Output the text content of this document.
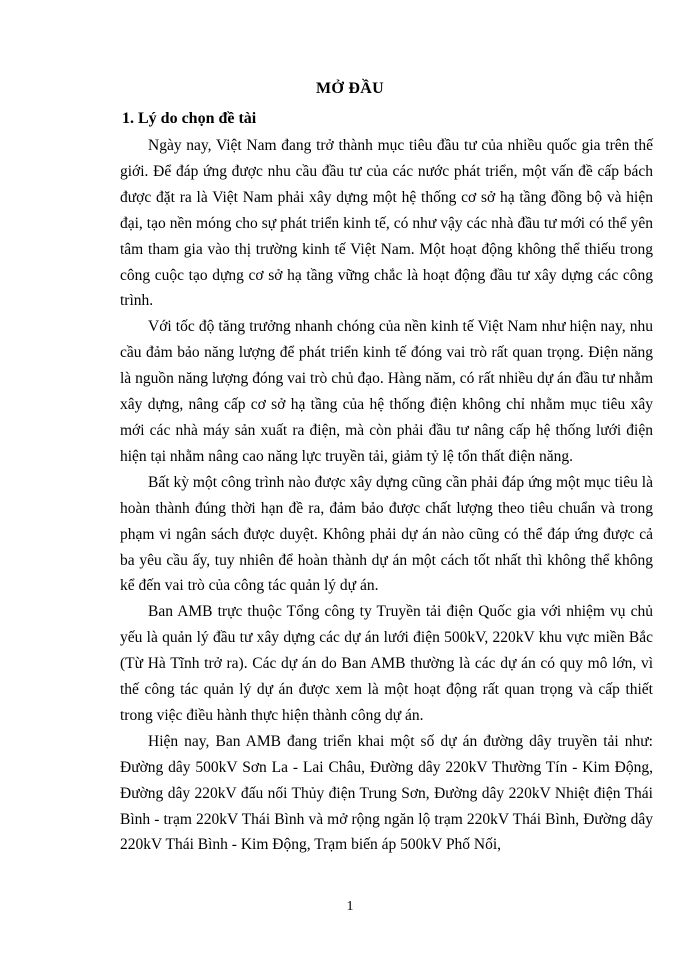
MỞ ĐẦU
1. Lý do chọn đề tài

Ngày nay, Việt Nam đang trở thành mục tiêu đầu tư của nhiều quốc gia trên thế giới. Để đáp ứng được nhu cầu đầu tư của các nước phát triển, một vấn đề cấp bách được đặt ra là Việt Nam phải xây dựng một hệ thống cơ sở hạ tầng đồng bộ và hiện đại, tạo nền móng cho sự phát triển kinh tế, có như vậy các nhà đầu tư mới có thể yên tâm tham gia vào thị trường kinh tế Việt Nam. Một hoạt động không thể thiếu trong công cuộc tạo dựng cơ sở hạ tầng vững chắc là hoạt động đầu tư xây dựng các công trình.

Với tốc độ tăng trưởng nhanh chóng của nền kinh tế Việt Nam như hiện nay, nhu cầu đảm bảo năng lượng để phát triển kinh tế đóng vai trò rất quan trọng. Điện năng là nguồn năng lượng đóng vai trò chủ đạo. Hàng năm, có rất nhiều dự án đầu tư nhằm xây dựng, nâng cấp cơ sở hạ tầng của hệ thống điện không chỉ nhằm mục tiêu xây mới các nhà máy sản xuất ra điện, mà còn phải đầu tư nâng cấp hệ thống lưới điện hiện tại nhằm nâng cao năng lực truyền tải, giảm tỷ lệ tổn thất điện năng.

Bất kỳ một công trình nào được xây dựng cũng cần phải đáp ứng một mục tiêu là hoàn thành đúng thời hạn đề ra, đảm bảo được chất lượng theo tiêu chuẩn và trong phạm vi ngân sách được duyệt. Không phải dự án nào cũng có thể đáp ứng được cả ba yêu cầu ấy, tuy nhiên để hoàn thành dự án một cách tốt nhất thì không thể không kể đến vai trò của công tác quản lý dự án.

Ban AMB trực thuộc Tổng công ty Truyền tải điện Quốc gia với nhiệm vụ chủ yếu là quản lý đầu tư xây dựng các dự án lưới điện 500kV, 220kV khu vực miền Bắc (Từ Hà Tĩnh trở ra). Các dự án do Ban AMB thường là các dự án có quy mô lớn, vì thế công tác quản lý dự án được xem là một hoạt động rất quan trọng và cấp thiết trong việc điều hành thực hiện thành công dự án.

Hiện nay, Ban AMB đang triển khai một số dự án đường dây truyền tải như: Đường dây 500kV Sơn La - Lai Châu, Đường dây 220kV Thường Tín - Kim Động, Đường dây 220kV đấu nối Thủy điện Trung Sơn, Đường dây 220kV Nhiệt điện Thái Bình - trạm 220kV Thái Bình và mở rộng ngăn lộ trạm 220kV Thái Bình, Đường dây 220kV Thái Bình - Kim Động, Trạm biến áp 500kV Phố Nối,

1
